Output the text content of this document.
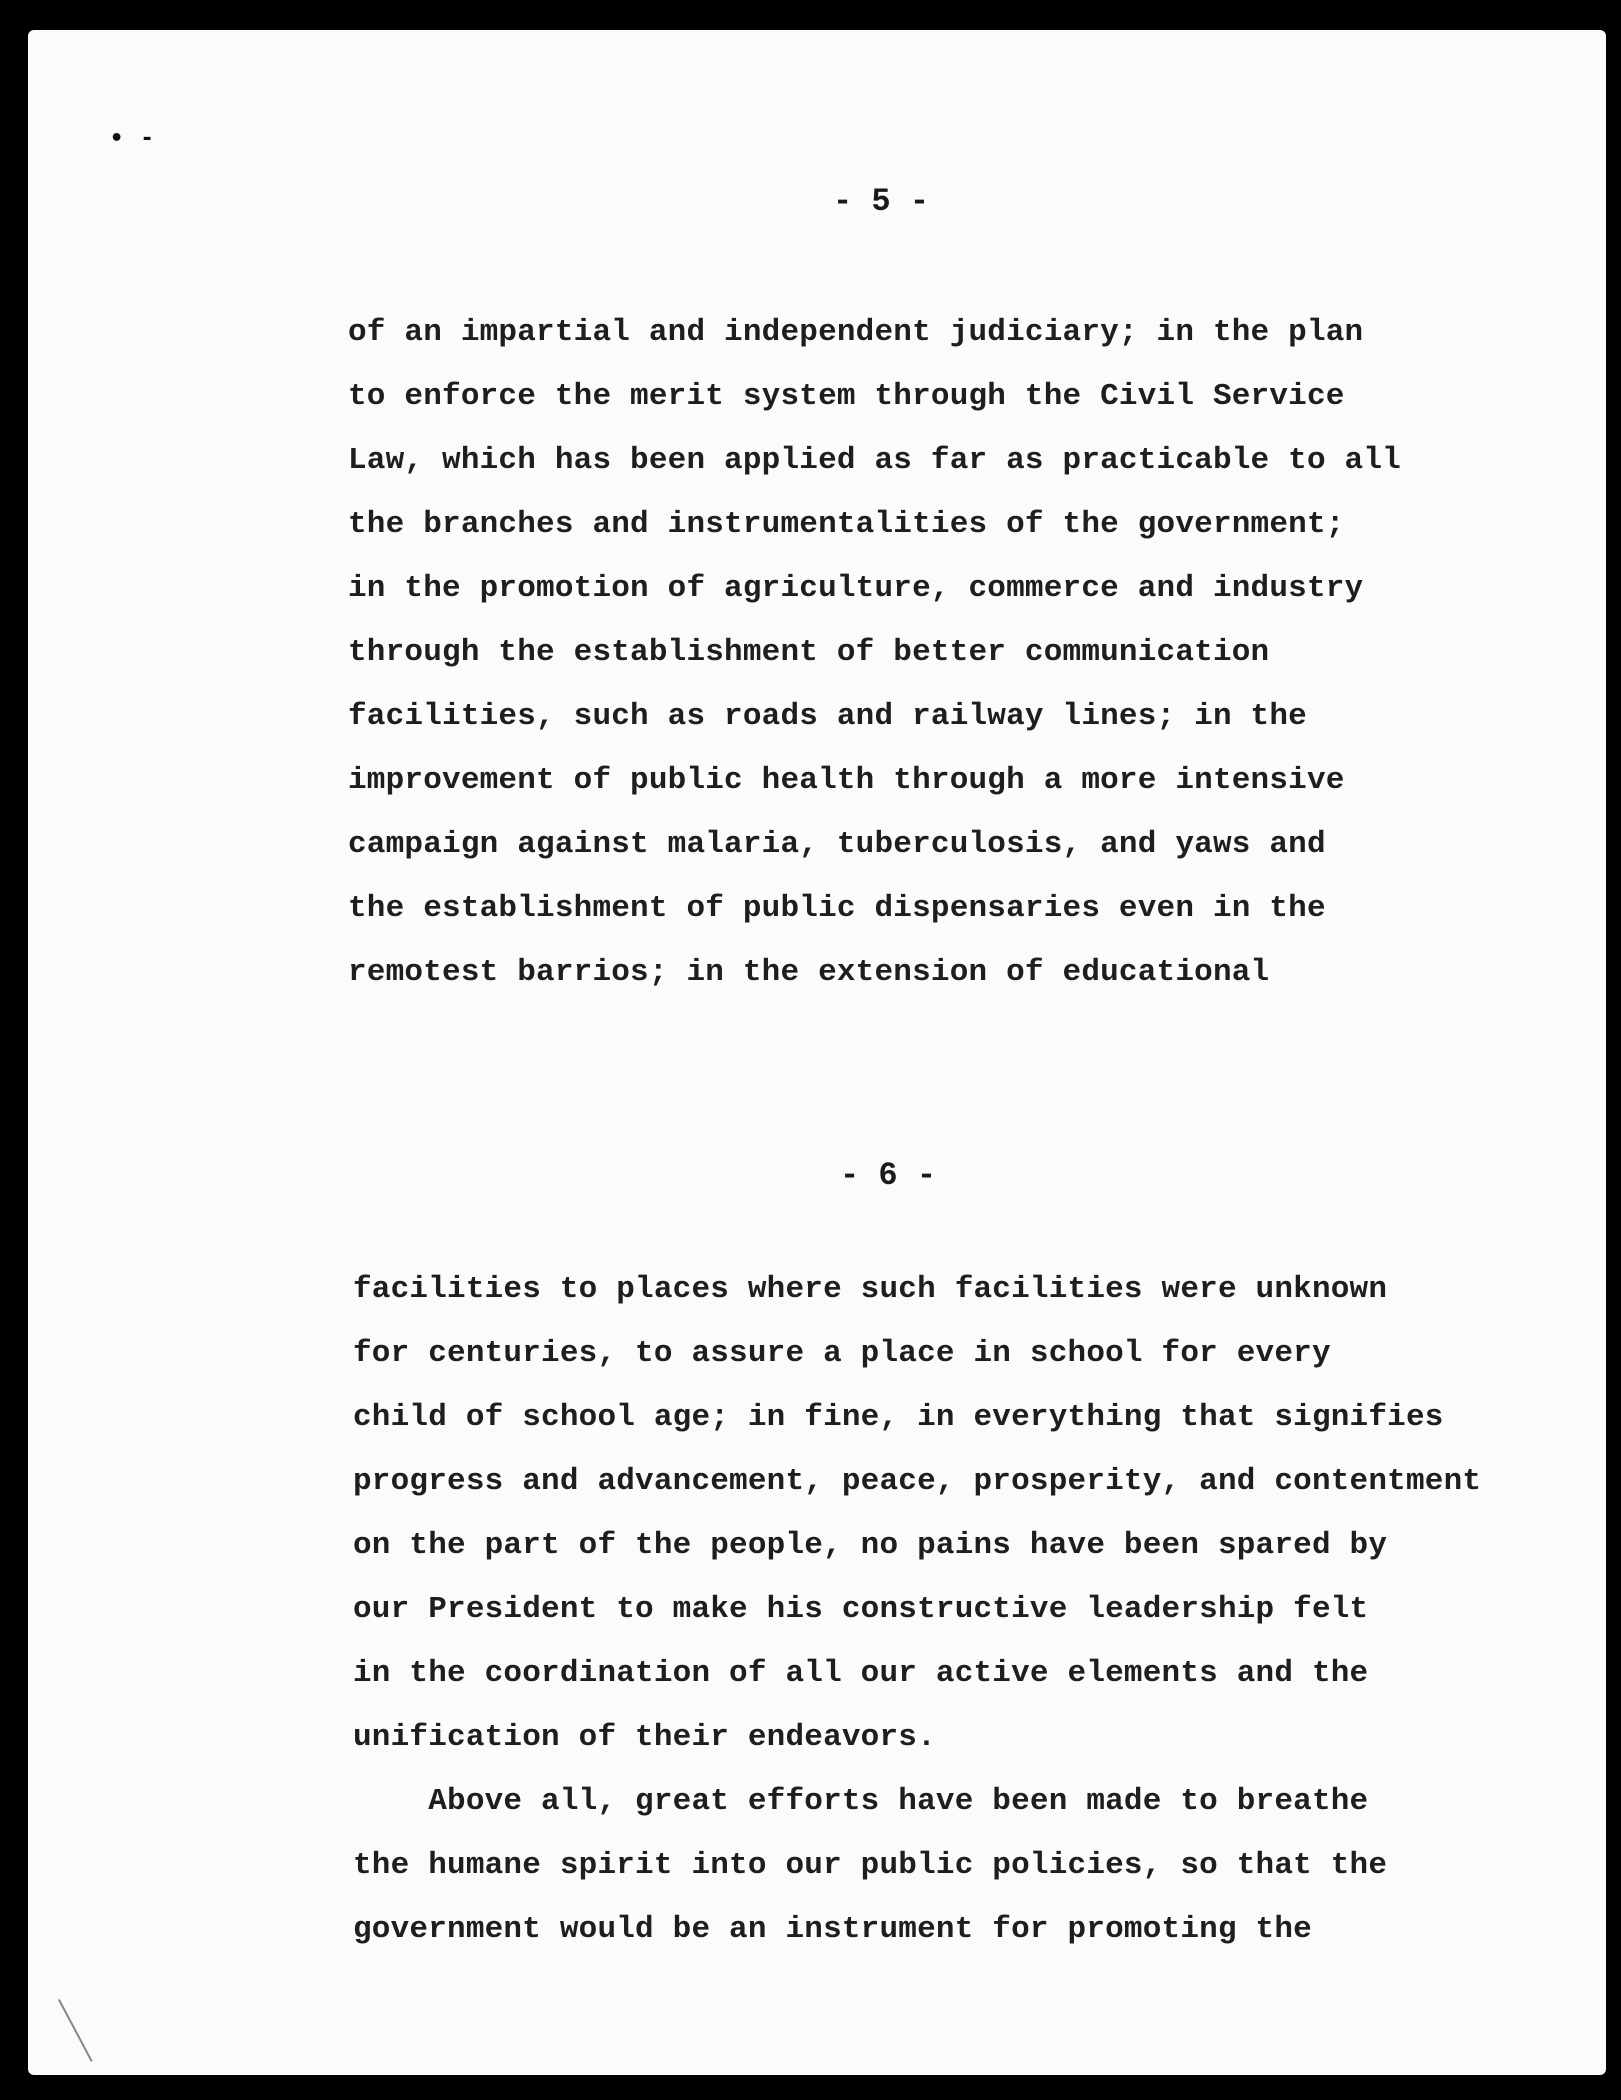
• ‐
- 5 -
of an impartial and independent judiciary; in the plan
to enforce the merit system through the Civil Service
Law, which has been applied as far as practicable to all
the branches and instrumentalities of the government;
in the promotion of agriculture, commerce and industry
through the establishment of better communication
facilities, such as roads and railway lines; in the
improvement of public health through a more intensive
campaign against malaria, tuberculosis, and yaws and
the establishment of public dispensaries even in the
remotest barrios; in the extension of educational
- 6 -
facilities to places where such facilities were unknown
for centuries, to assure a place in school for every
child of school age; in fine, in everything that signifies
progress and advancement, peace, prosperity, and contentment
on the part of the people, no pains have been spared by
our President to make his constructive leadership felt
in the coordination of all our active elements and the
unification of their endeavors.
Above all, great efforts have been made to breathe
the humane spirit into our public policies, so that the
government would be an instrument for promoting the
